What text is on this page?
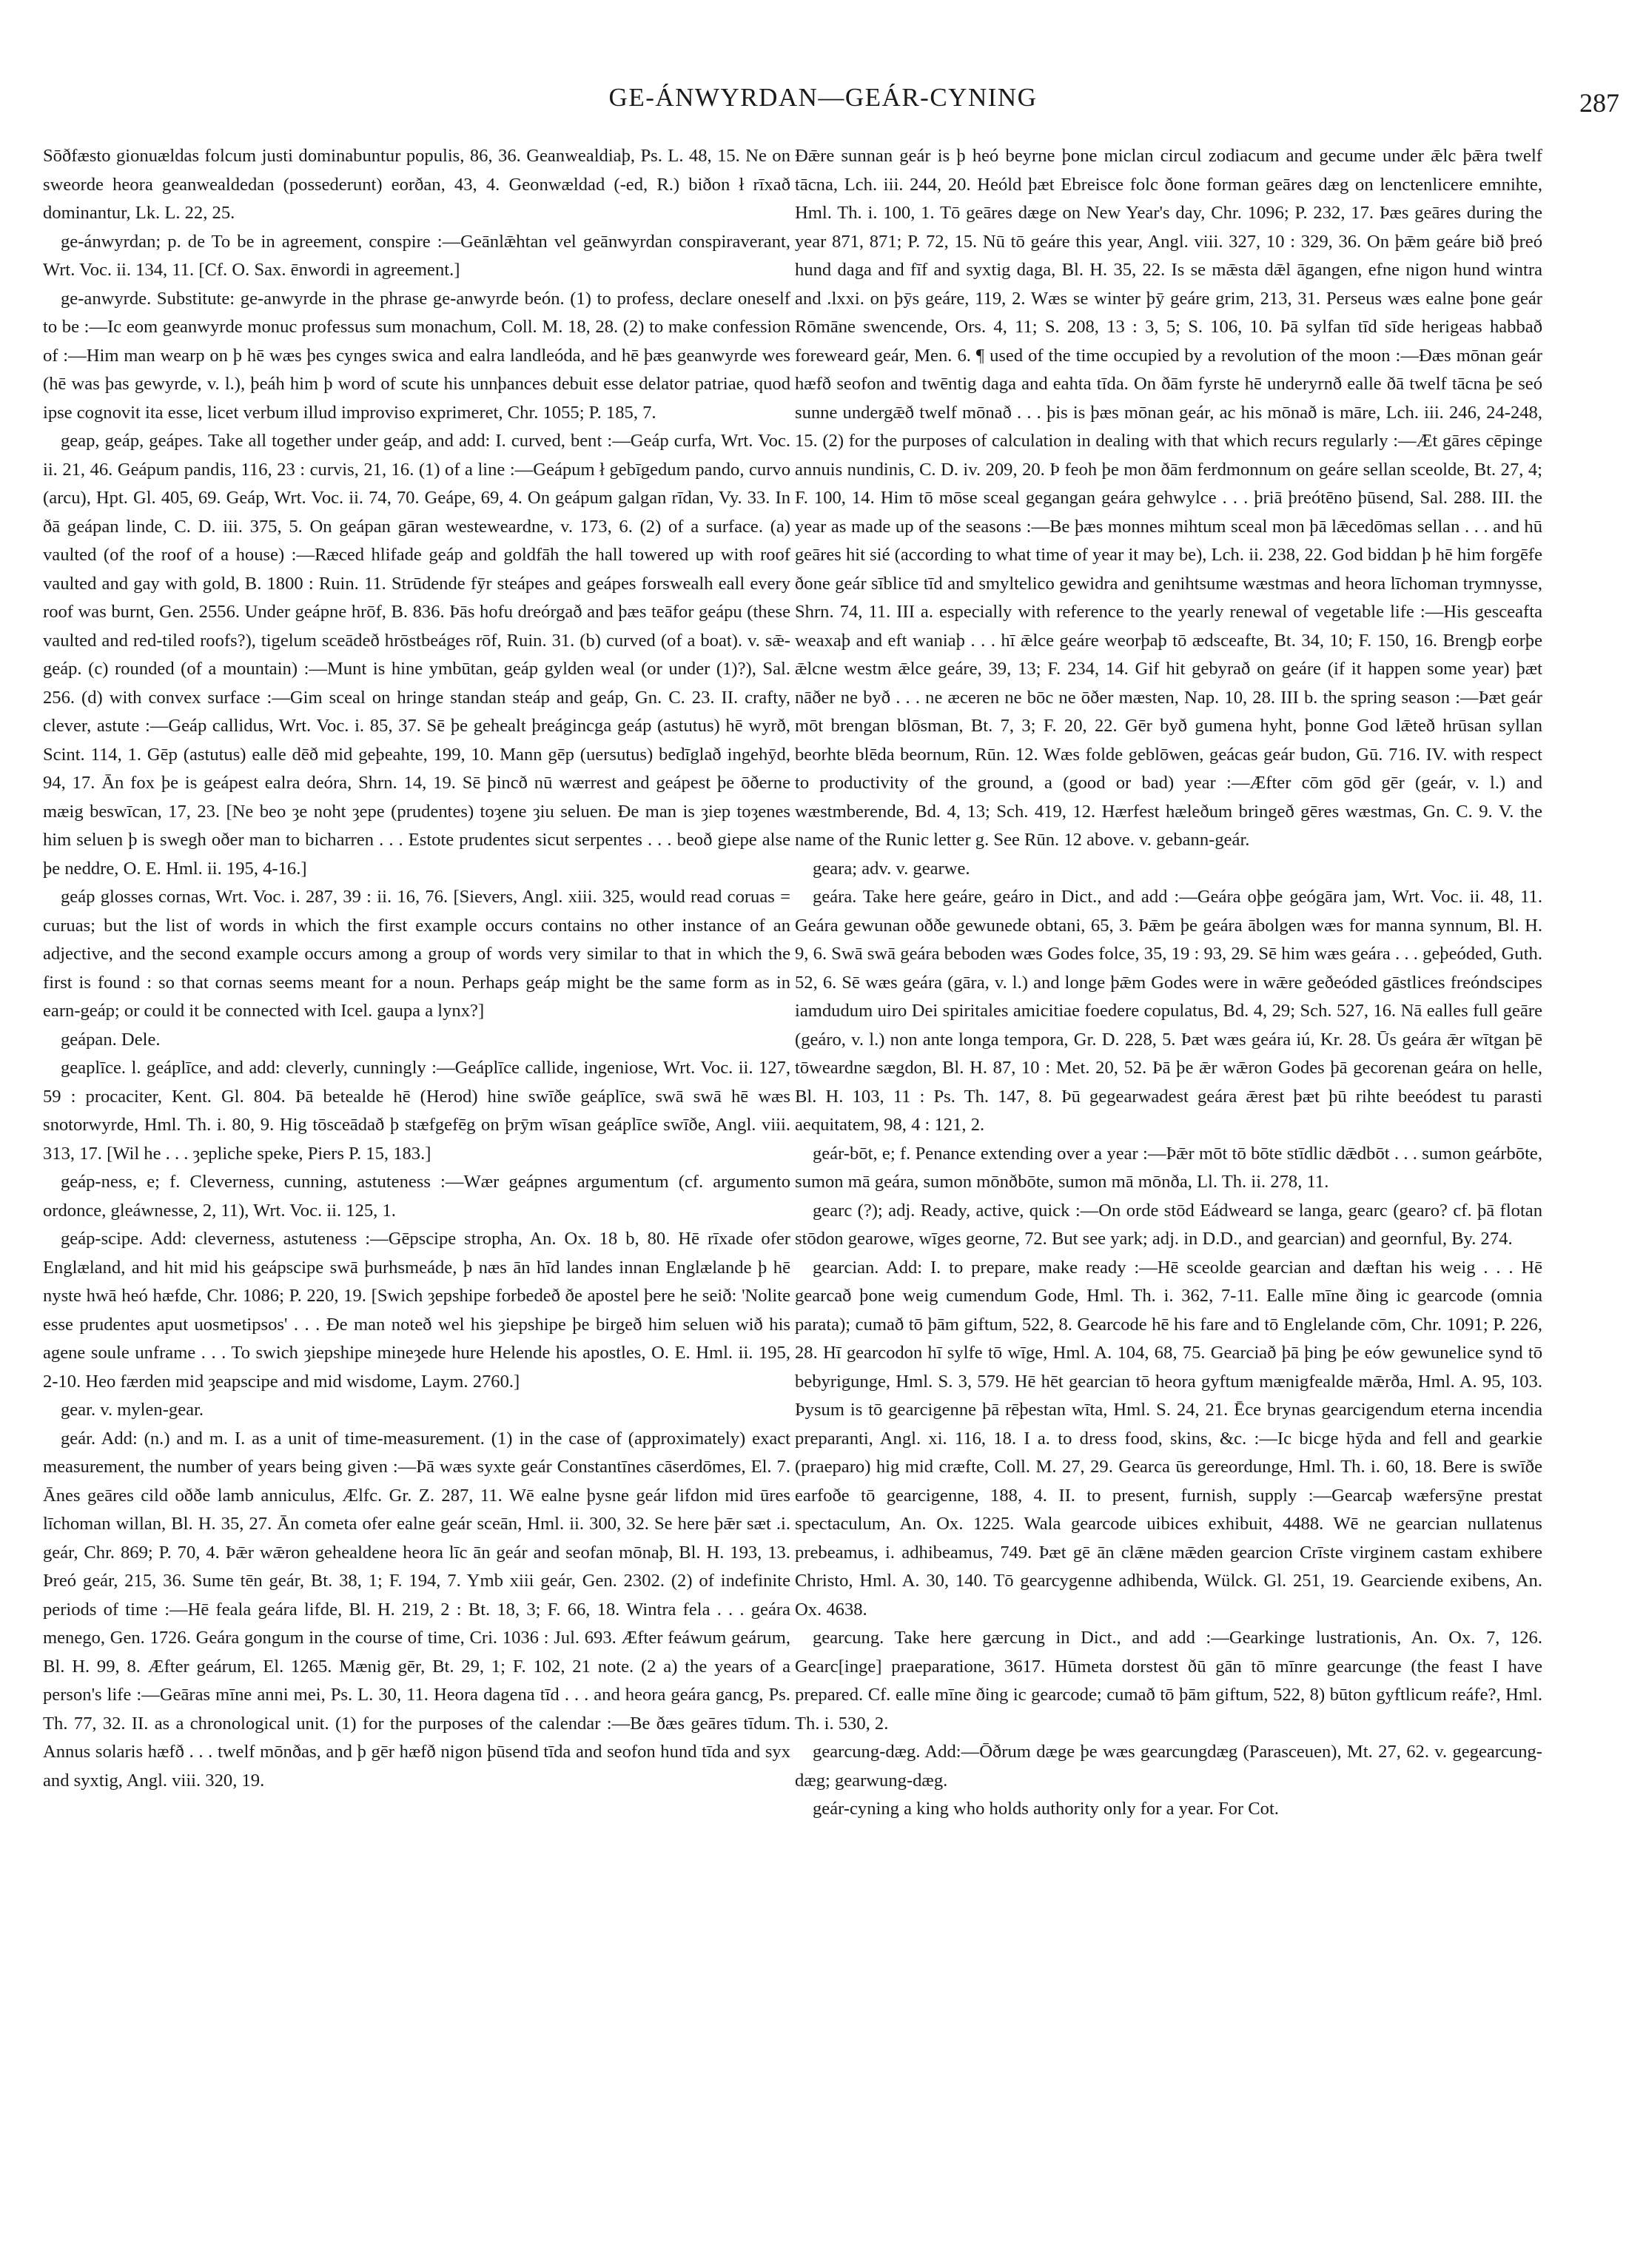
GE-ÁNWYRDAN—GEÁR-CYNING	287

Sōðfæsto gionuældas folcum justi dominabuntur populis, 86, 36. Geanwealdiaþ, Ps. L. 48, 15. Ne on sweorde heora geanwealdedan (possederunt) eorðan, 43, 4. Geonwældad (-ed, R.) biðon ł rīxað dominantur, Lk. L. 22, 25.

ge-ánwyrdan; p. de To be in agreement, conspire :—Geānlǣhtan vel geānwyrdan conspiraverant, Wrt. Voc. ii. 134, 11. [Cf. O. Sax. ēnwordi in agreement.]

ge-anwyrde. Substitute: ge-anwyrde in the phrase ge-anwyrde beón. (1) to profess, declare oneself to be :—Ic eom geanwyrde monuc professus sum monachum, Coll. M. 18, 28. (2) to make confession of :—Him man wearp on þ hē wæs þes cynges swica and ealra landleóda, and hē þæs geanwyrde wes (hē was þas gewyrde, v. l.), þeáh him þ word of scute his unnþances debuit esse delator patriae, quod ipse cognovit ita esse, licet verbum illud improviso exprimeret, Chr. 1055; P. 185, 7.

geap, geáp, geápes. Take all together under geáp, and add: I. curved, bent :—Geáp curfa, Wrt. Voc. ii. 21, 46. Geápum pandis, 116, 23 : curvis, 21, 16. (1) of a line :—Geápum ł gebīgedum pando, curvo (arcu), Hpt. Gl. 405, 69. Geáp, Wrt. Voc. ii. 74, 70. Geápe, 69, 4. On geápum galgan rīdan, Vy. 33. In ðā geápan linde, C. D. iii. 375, 5. On geápan gāran westeweardne, v. 173, 6. (2) of a surface. (a) vaulted (of the roof of a house) :—Ræced hlifade geáp and goldfāh the hall towered up with roof vaulted and gay with gold, B. 1800 : Ruin. 11. Strūdende fȳr steápes and geápes forswealh eall every roof was burnt, Gen. 2556. Under geápne hrōf, B. 836. Þās hofu dreórgað and þæs teāfor geápu (these vaulted and red-tiled roofs?), tigelum sceādeð hrōstbeáges rōf, Ruin. 31. (b) curved (of a boat). v. sǣ-geáp. (c) rounded (of a mountain) :—Munt is hine ymbūtan, geáp gylden weal (or under (1)?), Sal. 256. (d) with convex surface :—Gim sceal on hringe standan steáp and geáp, Gn. C. 23. II. crafty, clever, astute :—Geáp callidus, Wrt. Voc. i. 85, 37. Sē þe gehealt þreágincga geáp (astutus) hē wyrð, Scint. 114, 1. Gēp (astutus) ealle dēð mid geþeahte, 199, 10. Mann gēp (uersutus) bedīglað ingehȳd, 94, 17. Ān fox þe is geápest ealra deóra, Shrn. 14, 19. Sē þincð nū wærrest and geápest þe ōðerne mæig beswīcan, 17, 23. [Ne beo ȝe noht ȝepe (prudentes) toȝene ȝiu seluen. Ðe man is ȝiep toȝenes him seluen þ is swegh oðer man to bicharren . . . Estote prudentes sicut serpentes . . . beoð giepe alse þe neddre, O. E. Hml. ii. 195, 4-16.]

geáp glosses cornas, Wrt. Voc. i. 287, 39 : ii. 16, 76. [Sievers, Angl. xiii. 325, would read coruas = curuas; but the list of words in which the first example occurs contains no other instance of an adjective, and the second example occurs among a group of words very similar to that in which the first is found : so that cornas seems meant for a noun. Perhaps geáp might be the same form as in earn-geáp; or could it be connected with Icel. gaupa a lynx?]

geápan. Dele.

geaplīce. l. geáplīce, and add: cleverly, cunningly :—Geáplīce callide, ingeniose, Wrt. Voc. ii. 127, 59 : procaciter, Kent. Gl. 804. Þā betealde hē (Herod) hine swīðe geáplīce, swā swā hē wæs snotorwyrde, Hml. Th. i. 80, 9. Hig tōsceādað þ stæfgefēg on þrȳm wīsan geáplīce swīðe, Angl. viii. 313, 17. [Wil he . . . ȝepliche speke, Piers P. 15, 183.]

geáp-ness, e; f. Cleverness, cunning, astuteness :—Wær geápnes argumentum (cf. argumento ordonce, gleáwnesse, 2, 11), Wrt. Voc. ii. 125, 1.

geáp-scipe. Add: cleverness, astuteness :—Gēpscipe stropha, An. Ox. 18 b, 80. Hē rīxade ofer Englæland, and hit mid his geápscipe swā þurhsmeáde, þ næs ān hīd landes innan Englælande þ hē nyste hwā heó hæfde, Chr. 1086; P. 220, 19. [Swich ȝepshipe forbedeð ðe apostel þere he seið: 'Nolite esse prudentes aput uosmetipsos' . . . Ðe man noteð wel his ȝiepshipe þe birgeð him seluen wið his agene soule unframe . . . To swich ȝiepshipe mineȝede hure Helende his apostles, O. E. Hml. ii. 195, 2-10. Heo færden mid ȝeapscipe and mid wisdome, Laym. 2760.]

gear. v. mylen-gear.

geár. Add: (n.) and m. I. as a unit of time-measurement. (1) in the case of (approximately) exact measurement, the number of years being given :—Þā wæs syxte geár Constantīnes cāserdōmes, El. 7. Ānes geāres cild oððe lamb anniculus, Ælfc. Gr. Z. 287, 11. Wē ealne þysne geár lifdon mid ūres līchoman willan, Bl. H. 35, 27. Ān cometa ofer ealne geár sceān, Hml. ii. 300, 32. Se here þǣr sæt .i. geár, Chr. 869; P. 70, 4. Þǣr wǣron gehealdene heora līc ān geár and seofan mōnaþ, Bl. H. 193, 13. Þreó geár, 215, 36. Sume tēn geár, Bt. 38, 1; F. 194, 7. Ymb xiii geár, Gen. 2302. (2) of indefinite periods of time :—Hē feala geára lifde, Bl. H. 219, 2 : Bt. 18, 3; F. 66, 18. Wintra fela . . . geára menego, Gen. 1726. Geára gongum in the course of time, Cri. 1036 : Jul. 693. Æfter feáwum geárum, Bl. H. 99, 8. Æfter geárum, El. 1265. Mænig gēr, Bt. 29, 1; F. 102, 21 note. (2 a) the years of a person's life :—Geāras mīne anni mei, Ps. L. 30, 11. Heora dagena tīd . . . and heora geára gancg, Ps. Th. 77, 32. II. as a chronological unit. (1) for the purposes of the calendar :—Be ðæs geāres tīdum. Annus solaris hæfð . . . twelf mōnðas, and þ gēr hæfð nigon þūsend tīda and seofon hund tīda and syx and syxtig, Angl. viii. 320, 19.

Ðǣre sunnan geár is þ heó beyrne þone miclan circul zodiacum and gecume under ǣlc þǣra twelf tācna, Lch. iii. 244, 20. Heóld þæt Ebreisce folc ðone forman geāres dæg on lenctenlicere emnihte, Hml. Th. i. 100, 1. Tō geāres dæge on New Year's day, Chr. 1096; P. 232, 17. Þæs geāres during the year 871, 871; P. 72, 15. Nū tō geáre this year, Angl. viii. 327, 10 : 329, 36. On þǣm geáre bið þreó hund daga and fīf and syxtig daga, Bl. H. 35, 22. Is se mǣsta dǣl āgangen, efne nigon hund wintra and .lxxi. on þȳs geáre, 119, 2. Wæs se winter þȳ geáre grim, 213, 31. Perseus wæs ealne þone geár Rōmāne swencende, Ors. 4, 11; S. 208, 13 : 3, 5; S. 106, 10. Þā sylfan tīd sīde herigeas habbað foreweard geár, Men. 6. ¶ used of the time occupied by a revolution of the moon :—Ðæs mōnan geár hæfð seofon and twēntig daga and eahta tīda. On ðām fyrste hē underyrnð ealle ðā twelf tācna þe seó sunne undergǣð twelf mōnað . . . þis is þæs mōnan geár, ac his mōnað is māre, Lch. iii. 246, 24-248, 15. (2) for the purposes of calculation in dealing with that which recurs regularly :—Æt gāres cēpinge annuis nundinis, C. D. iv. 209, 20. Þ feoh þe mon ðām ferdmonnum on geáre sellan sceolde, Bt. 27, 4; F. 100, 14. Him tō mōse sceal gegangan geára gehwylce . . . þriā þreótēno þūsend, Sal. 288. III. the year as made up of the seasons :—Be þæs monnes mihtum sceal mon þā lǣcedōmas sellan . . . and hū geāres hit sié (according to what time of year it may be), Lch. ii. 238, 22. God biddan þ hē him forgēfe ðone geár sīblice tīd and smyltelico gewidra and genihtsume wæstmas and heora līchoman trymnysse, Shrn. 74, 11. III a. especially with reference to the yearly renewal of vegetable life :—His gesceafta weaxaþ and eft waniaþ . . . hī ǣlce geáre weorþaþ tō ædsceafte, Bt. 34, 10; F. 150, 16. Brengþ eorþe ǣlcne westm ǣlce geáre, 39, 13; F. 234, 14. Gif hit gebyrað on geáre (if it happen some year) þæt nāðer ne byð . . . ne æceren ne bōc ne ōðer mæsten, Nap. 10, 28. III b. the spring season :—Þæt geár mōt brengan blōsman, Bt. 7, 3; F. 20, 22. Gēr byð gumena hyht, þonne God lǣteð hrūsan syllan beorhte blēda beornum, Rūn. 12. Wæs folde geblōwen, geácas geár budon, Gū. 716. IV. with respect to productivity of the ground, a (good or bad) year :—Æfter cōm gōd gēr (geár, v. l.) and wæstmberende, Bd. 4, 13; Sch. 419, 12. Hærfest hæleðum bringeð gēres wæstmas, Gn. C. 9. V. the name of the Runic letter g. See Rūn. 12 above. v. gebann-geár.

geara; adv. v. gearwe.

geára. Take here geáre, geáro in Dict., and add :—Geára oþþe geógāra jam, Wrt. Voc. ii. 48, 11. Geára gewunan oððe gewunede obtani, 65, 3. Þǣm þe geára ābolgen wæs for manna synnum, Bl. H. 9, 6. Swā swā geára beboden wæs Godes folce, 35, 19 : 93, 29. Sē him wæs geára . . . geþeóded, Guth. 52, 6. Sē wæs geára (gāra, v. l.) and longe þǣm Godes were in wǣre geðeóded gāstlices freóndscipes iamdudum uiro Dei spiritales amicitiae foedere copulatus, Bd. 4, 29; Sch. 527, 16. Nā ealles full geāre (geáro, v. l.) non ante longa tempora, Gr. D. 228, 5. Þæt wæs geára iú, Kr. 28. Ūs geára ǣr wītgan þē tōweardne sægdon, Bl. H. 87, 10 : Met. 20, 52. Þā þe ǣr wǣron Godes þā gecorenan geára on helle, Bl. H. 103, 11 : Ps. Th. 147, 8. Þū gegearwadest geára ǣrest þæt þū rihte beeódest tu parasti aequitatem, 98, 4 : 121, 2.

geár-bōt, e; f. Penance extending over a year :—Þǣr mōt tō bōte stīdlic dǣdbōt . . . sumon geárbōte, sumon mā geára, sumon mōnðbōte, sumon mā mōnða, Ll. Th. ii. 278, 11.

gearc (?); adj. Ready, active, quick :—On orde stōd Eádweard se langa, gearc (gearo? cf. þā flotan stōdon gearowe, wīges georne, 72. But see yark; adj. in D.D., and gearcian) and geornful, By. 274.

gearcian. Add: I. to prepare, make ready :—Hē sceolde gearcian and dæftan his weig . . . Hē gearcað þone weig cumendum Gode, Hml. Th. i. 362, 7-11. Ealle mīne ðing ic gearcode (omnia parata); cumað tō þām giftum, 522, 8. Gearcode hē his fare and tō Englelande cōm, Chr. 1091; P. 226, 28. Hī gearcodon hī sylfe tō wīge, Hml. A. 104, 68, 75. Gearciað þā þing þe eów gewunelice synd tō bebyrigunge, Hml. S. 3, 579. Hē hēt gearcian tō heora gyftum mænigfealde mǣrða, Hml. A. 95, 103. Þysum is tō gearcigenne þā rēþestan wīta, Hml. S. 24, 21. Ēce brynas gearcigendum eterna incendia preparanti, Angl. xi. 116, 18. I a. to dress food, skins, &c. :—Ic bicge hȳda and fell and gearkie (praeparo) hig mid cræfte, Coll. M. 27, 29. Gearca ūs gereordunge, Hml. Th. i. 60, 18. Bere is swīðe earfoðe tō gearcigenne, 188, 4. II. to present, furnish, supply :—Gearcaþ wæfersȳne prestat spectaculum, An. Ox. 1225. Wala gearcode uibices exhibuit, 4488. Wē ne gearcian nullatenus prebeamus, i. adhibeamus, 749. Þæt gē ān clǣne mǣden gearcion Crīste virginem castam exhibere Christo, Hml. A. 30, 140. Tō gearcygenne adhibenda, Wülck. Gl. 251, 19. Gearciende exibens, An. Ox. 4638.

gearcung. Take here gærcung in Dict., and add :—Gearkinge lustrationis, An. Ox. 7, 126. Gearc[inge] praeparatione, 3617. Hūmeta dorstest ðū gān tō mīnre gearcunge (the feast I have prepared. Cf. ealle mīne ðing ic gearcode; cumað tō þām giftum, 522, 8) būton gyftlicum reáfe?, Hml. Th. i. 530, 2.

gearcung-dæg. Add:—Ōðrum dæge þe wæs gearcungdæg (Parasceuen), Mt. 27, 62. v. gegearcung-dæg; gearwung-dæg.

geár-cyning a king who holds authority only for a year. For Cot.
